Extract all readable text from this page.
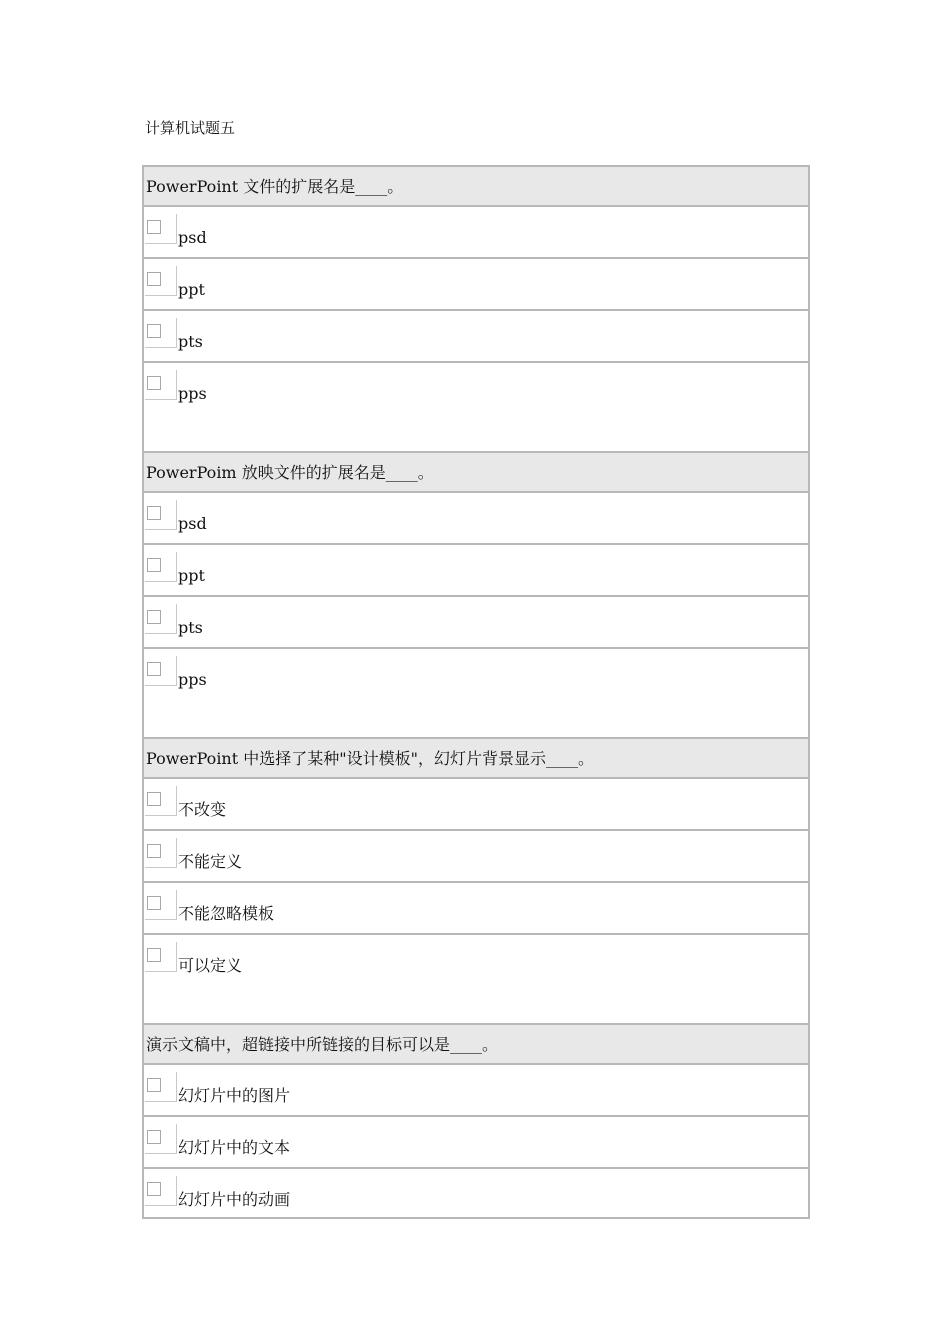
计算机试题五
PowerPoint 文件的扩展名是____。
psd
ppt
pts
pps
PowerPoim 放映文件的扩展名是____。
psd
ppt
pts
pps
PowerPoint 中选择了某种"设计模板"，幻灯片背景显示____。
不改变
不能定义
不能忽略模板
可以定义
演示文稿中，超链接中所链接的目标可以是____。
幻灯片中的图片
幻灯片中的文本
幻灯片中的动画
